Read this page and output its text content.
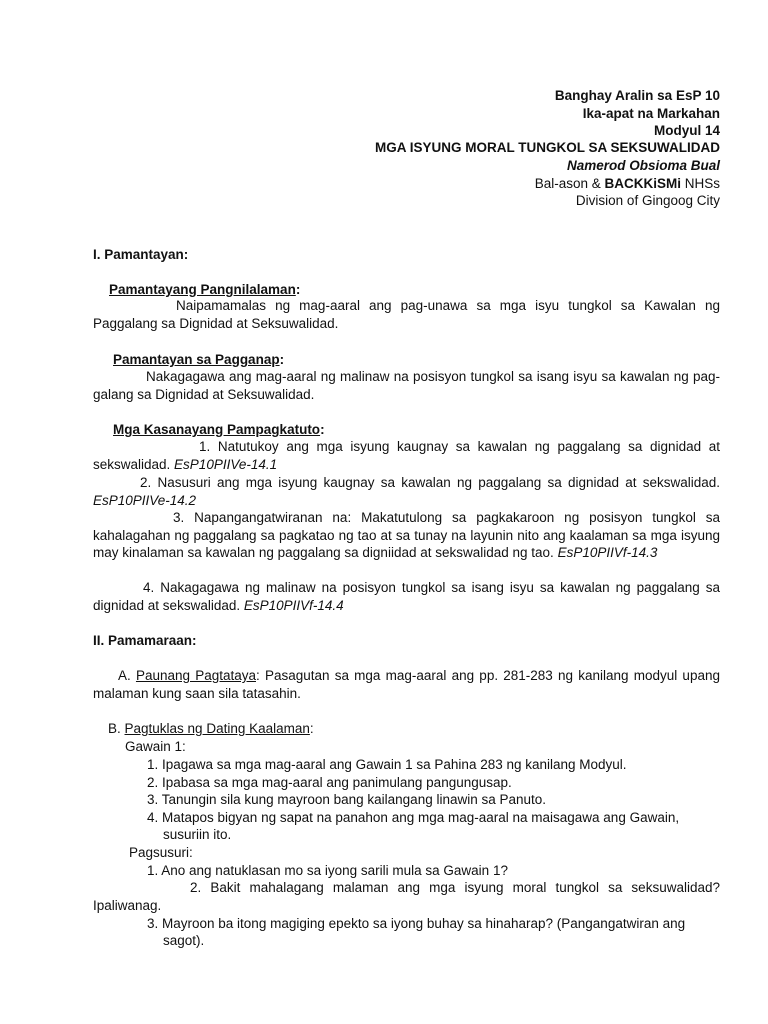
Banghay Aralin sa EsP 10
Ika-apat na Markahan
Modyul 14
MGA ISYUNG MORAL TUNGKOL SA SEKSUWALIDAD
Namerod Obsioma Bual
Bal-ason & BACKKiSMi NHSs
Division of Gingoog City
I. Pamantayan:
Pamantayang Pangnilalaman:
Naipamamalas ng mag-aaral ang pag-unawa sa mga isyu tungkol sa Kawalan ng Paggalang sa Dignidad at Seksuwalidad.
Pamantayan sa Pagganap:
Nakagagawa ang mag-aaral ng malinaw na posisyon tungkol sa isang isyu sa kawalan ng pag-galang sa Dignidad at Seksuwalidad.
Mga Kasanayang Pampagkatuto:
1. Natutukoy ang mga isyung kaugnay sa kawalan ng paggalang sa dignidad at sekswalidad. EsP10PIIVe-14.1
2. Nasusuri ang mga isyung kaugnay sa kawalan ng paggalang sa dignidad at sekswalidad. EsP10PIIVe-14.2
3. Napangangatwiranan na: Makatutulong sa pagkakaroon ng posisyon tungkol sa kahalagahan ng paggalang sa pagkatao ng tao at sa tunay na layunin nito ang kaalaman sa mga isyung may kinalaman sa kawalan ng paggalang sa digniidad at sekswalidad ng tao. EsP10PIIVf-14.3
4. Nakagagawa ng malinaw na posisyon tungkol sa isang isyu sa kawalan ng paggalang sa dignidad at sekswalidad. EsP10PIIVf-14.4
II. Pamamaraan:
A. Paunang Pagtataya: Pasagutan sa mga mag-aaral ang pp. 281-283 ng kanilang modyul upang malaman kung saan sila tatasahin.
B. Pagtuklas ng Dating Kaalaman:
Gawain 1:
1. Ipagawa sa mga mag-aaral ang Gawain 1 sa Pahina 283 ng kanilang Modyul.
2. Ipabasa sa mga mag-aaral ang panimulang pangungusap.
3. Tanungin sila kung mayroon bang kailangang linawin sa Panuto.
4. Matapos bigyan ng sapat na panahon ang mga mag-aaral na maisagawa ang Gawain,
susuriin ito.
Pagsusuri:
1. Ano ang natuklasan mo sa iyong sarili mula sa Gawain 1?
2. Bakit mahalagang malaman ang mga isyung moral tungkol sa seksuwalidad? Ipaliwanag.
3. Mayroon ba itong magiging epekto sa iyong buhay sa hinaharap? (Pangangatwiran ang
sagot).
